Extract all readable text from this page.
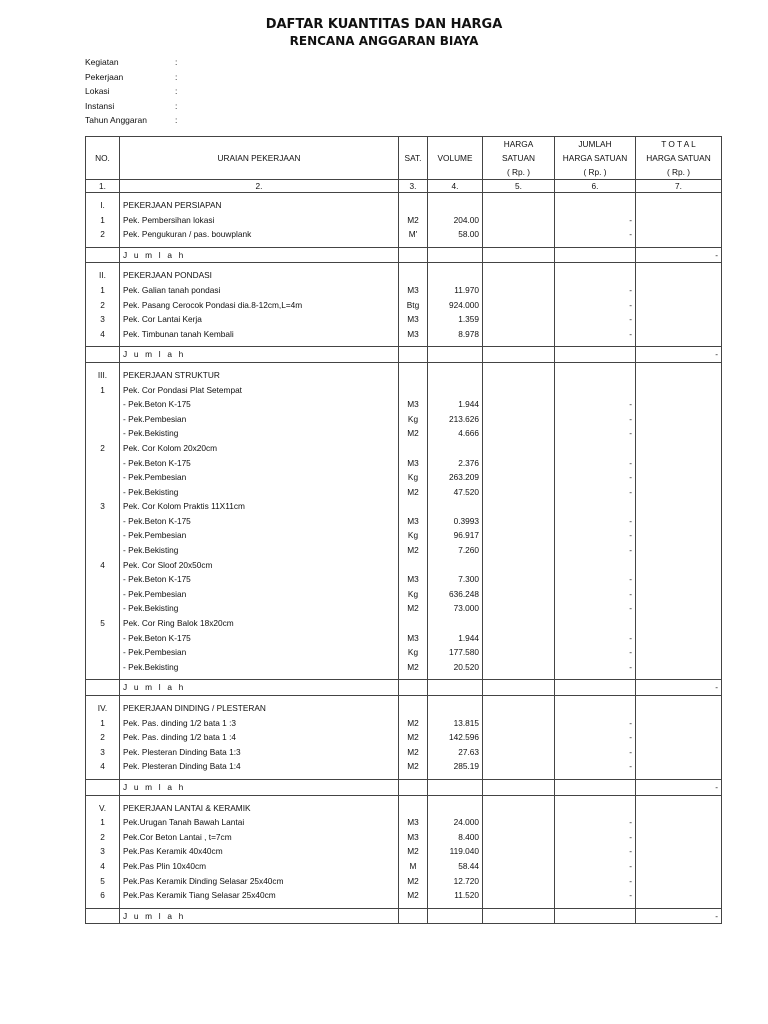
DAFTAR KUANTITAS DAN HARGA
RENCANA ANGGARAN BIAYA
Kegiatan	:
Pekerjaan	:
Lokasi	:
Instansi	:
Tahun Anggaran	:
NO.	URAIAN PEKERJAAN	SAT.	VOLUME	HARGA	JUMLAH	T O T A L
				SATUAN	HARGA SATUAN	HARGA SATUAN
				( Rp. )	( Rp. )	( Rp. )
1.	2.	3.	4.	5.	6.	7.

I.	PEKERJAAN PERSIAPAN					
1	Pek. Pembersihan lokasi	M2	204.00		-	
2	Pek. Pengukuran / pas. bouwplank	M'	58.00		-	

	J u m l a h					-

II.	PEKERJAAN PONDASI					
1	Pek. Galian tanah pondasi	M3	11.970		-	
2	Pek. Pasang Cerocok Pondasi dia.8-12cm,L=4m	Btg	924.000		-	
3	Pek. Cor Lantai Kerja	M3	1.359		-	
4	Pek. Timbunan tanah Kembali	M3	8.978		-	

	J u m l a h					-

III.	PEKERJAAN STRUKTUR					
1	Pek. Cor Pondasi Plat Setempat					
	- Pek.Beton K-175	M3	1.944		-	
	- Pek.Pembesian	Kg	213.626		-	
	- Pek.Bekisting	M2	4.666		-	
2	Pek. Cor Kolom 20x20cm					
	- Pek.Beton K-175	M3	2.376		-	
	- Pek.Pembesian	Kg	263.209		-	
	- Pek.Bekisting	M2	47.520		-	
3	Pek. Cor Kolom Praktis 11X11cm					
	- Pek.Beton K-175	M3	0.3993		-	
	- Pek.Pembesian	Kg	96.917		-	
	- Pek.Bekisting	M2	7.260		-	
4	Pek. Cor Sloof 20x50cm					
	- Pek.Beton K-175	M3	7.300		-	
	- Pek.Pembesian	Kg	636.248		-	
	- Pek.Bekisting	M2	73.000		-	
5	Pek. Cor Ring Balok 18x20cm					
	- Pek.Beton K-175	M3	1.944		-	
	- Pek.Pembesian	Kg	177.580		-	
	- Pek.Bekisting	M2	20.520		-	

	J u m l a h					-

IV.	PEKERJAAN DINDING / PLESTERAN					
1	Pek. Pas. dinding 1/2 bata 1 :3	M2	13.815		-	
2	Pek. Pas. dinding 1/2 bata 1 :4	M2	142.596		-	
3	Pek. Plesteran Dinding Bata 1:3	M2	27.63		-	
4	Pek. Plesteran Dinding Bata 1:4	M2	285.19		-	

	J u m l a h					-

V.	PEKERJAAN LANTAI & KERAMIK					
1	Pek.Urugan Tanah Bawah Lantai	M3	24.000		-	
2	Pek.Cor Beton Lantai , t=7cm	M3	8.400		-	
3	Pek.Pas Keramik 40x40cm	M2	119.040		-	
4	Pek.Pas Plin 10x40cm	M	58.44		-	
5	Pek.Pas Keramik Dinding Selasar 25x40cm	M2	12.720		-	
6	Pek.Pas Keramik Tiang Selasar 25x40cm	M2	11.520		-	

	J u m l a h					-
